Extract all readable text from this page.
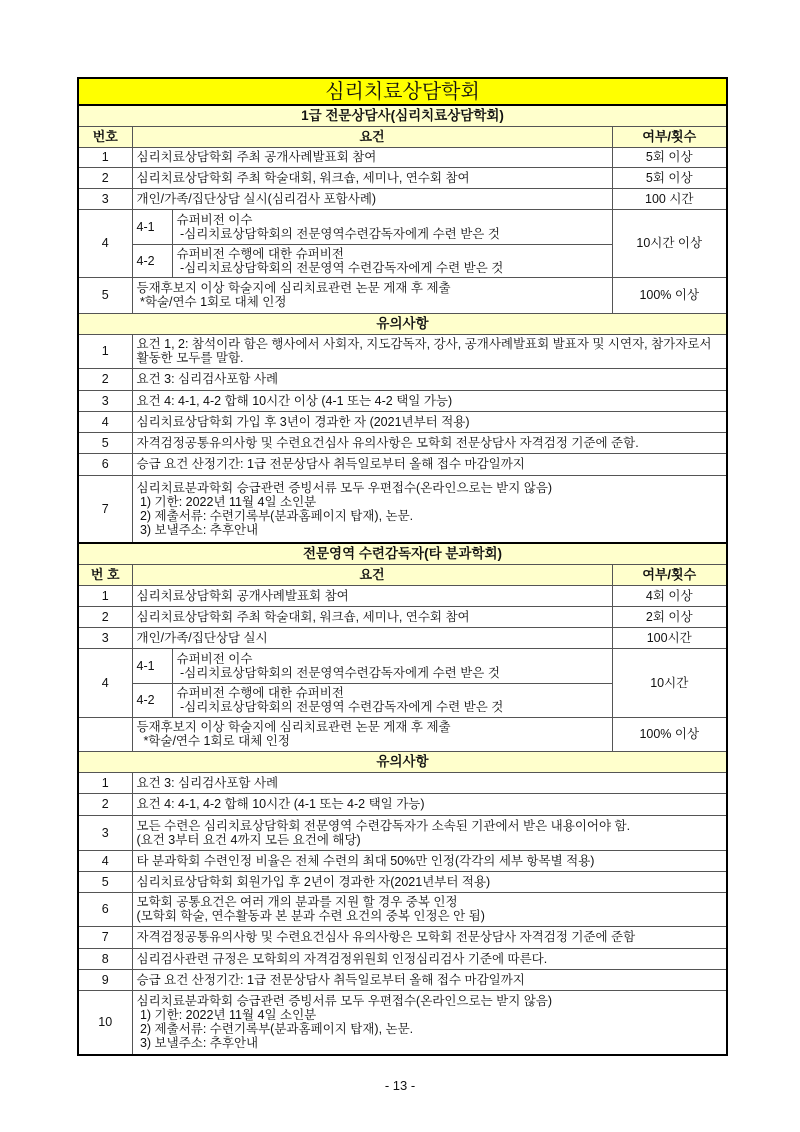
심리치료상담학회			
1급 전문상담사(심리치료상담학회)			
번호	요건		여부/횟수
1	심리치료상담학회 주최 공개사례발표회 참여		5회 이상
2	심리치료상담학회 주최 학술대회, 워크숍, 세미나, 연수회 참여		5회 이상
3	개인/가족/집단상담 실시(심리검사 포함사례)		100 시간
4	4-1	슈퍼비전 이수
-심리치료상담학회의 전문영역수련감독자에게 수련 받은 것	10시간 이상
	4-2	슈퍼비전 수행에 대한 슈퍼비전
-심리치료상담학회의 전문영역 수련감독자에게 수련 받은 것	
5	등재후보지 이상 학술지에 심리치료관련 논문 게재 후 제출
*학술/연수 1회로 대체 인정		100% 이상
유의사항			
1	요건 1, 2: 참석이라 함은 행사에서 사회자, 지도감독자, 강사, 공개사례발표회 발표자 및 시연자, 참가자로서 활동한 모두를 말함.		
2	요건 3: 심리검사포함 사례		
3	요건 4: 4-1, 4-2 합해 10시간 이상 (4-1 또는 4-2 택일 가능)		
4	심리치료상담학회 가입 후 3년이 경과한 자 (2021년부터 적용)		
5	자격검정공통유의사항 및 수련요건심사 유의사항은 모학회 전문상담사 자격검정 기준에 준함.		
6	승급 요건 산정기간: 1급 전문상담사 취득일로부터 올해 접수 마감일까지		
7	심리치료분과학회 승급관련 증빙서류 모두 우편접수(온라인으로는 받지 않음)
1) 기한: 2022년 11월 4일 소인분
2) 제출서류: 수련기록부(분과홈페이지 탑재), 논문.
3) 보낼주소: 추후안내		
전문영역 수련감독자(타 분과학회)			
번 호	요건		여부/횟수
1	심리치료상담학회 공개사례발표회 참여		4회 이상
2	심리치료상담학회 주최 학술대회, 워크숍, 세미나, 연수회 참여		2회 이상
3	개인/가족/집단상담 실시		100시간
4	4-1	슈퍼비전 이수
-심리치료상담학회의 전문영역수련감독자에게 수련 받은 것	10시간
	4-2	슈퍼비전 수행에 대한 슈퍼비전
-심리치료상담학회의 전문영역 수련감독자에게 수련 받은 것	
	등재후보지 이상 학술지에 심리치료관련 논문 게재 후 제출
*학술/연수 1회로 대체 인정		100% 이상
유의사항			
1	요건 3: 심리검사포함 사례		
2	요건 4: 4-1, 4-2 합해 10시간 (4-1 또는 4-2 택일 가능)		
3	모든 수련은 심리치료상담학회 전문영역 수련감독자가 소속된 기관에서 받은 내용이어야 함.
(요건 3부터 요건 4까지 모든 요건에 해당)		
4	타 분과학회 수련인정 비율은 전체 수련의 최대 50%만 인정(각각의 세부 항목별 적용)		
5	심리치료상담학회 회원가입 후 2년이 경과한 자(2021년부터 적용)		
6	모학회 공통요건은 여러 개의 분과를 지원 할 경우 중복 인정
(모학회 학술, 연수활동과 본 분과 수련 요건의 중복 인정은 안 됨)		
7	자격검정공통유의사항 및 수련요건심사 유의사항은 모학회 전문상담사 자격검정 기준에 준함		
8	심리검사관련 규정은 모학회의 자격검정위원회 인정심리검사 기준에 따른다.		
9	승급 요건 산정기간: 1급 전문상담사 취득일로부터 올해 접수 마감일까지		
10	심리치료분과학회 승급관련 증빙서류 모두 우편접수(온라인으로는 받지 않음)
1) 기한: 2022년 11월 4일 소인분
2) 제출서류: 수련기록부(분과홈페이지 탑재), 논문.
3) 보낼주소: 추후안내		
- 13 -
